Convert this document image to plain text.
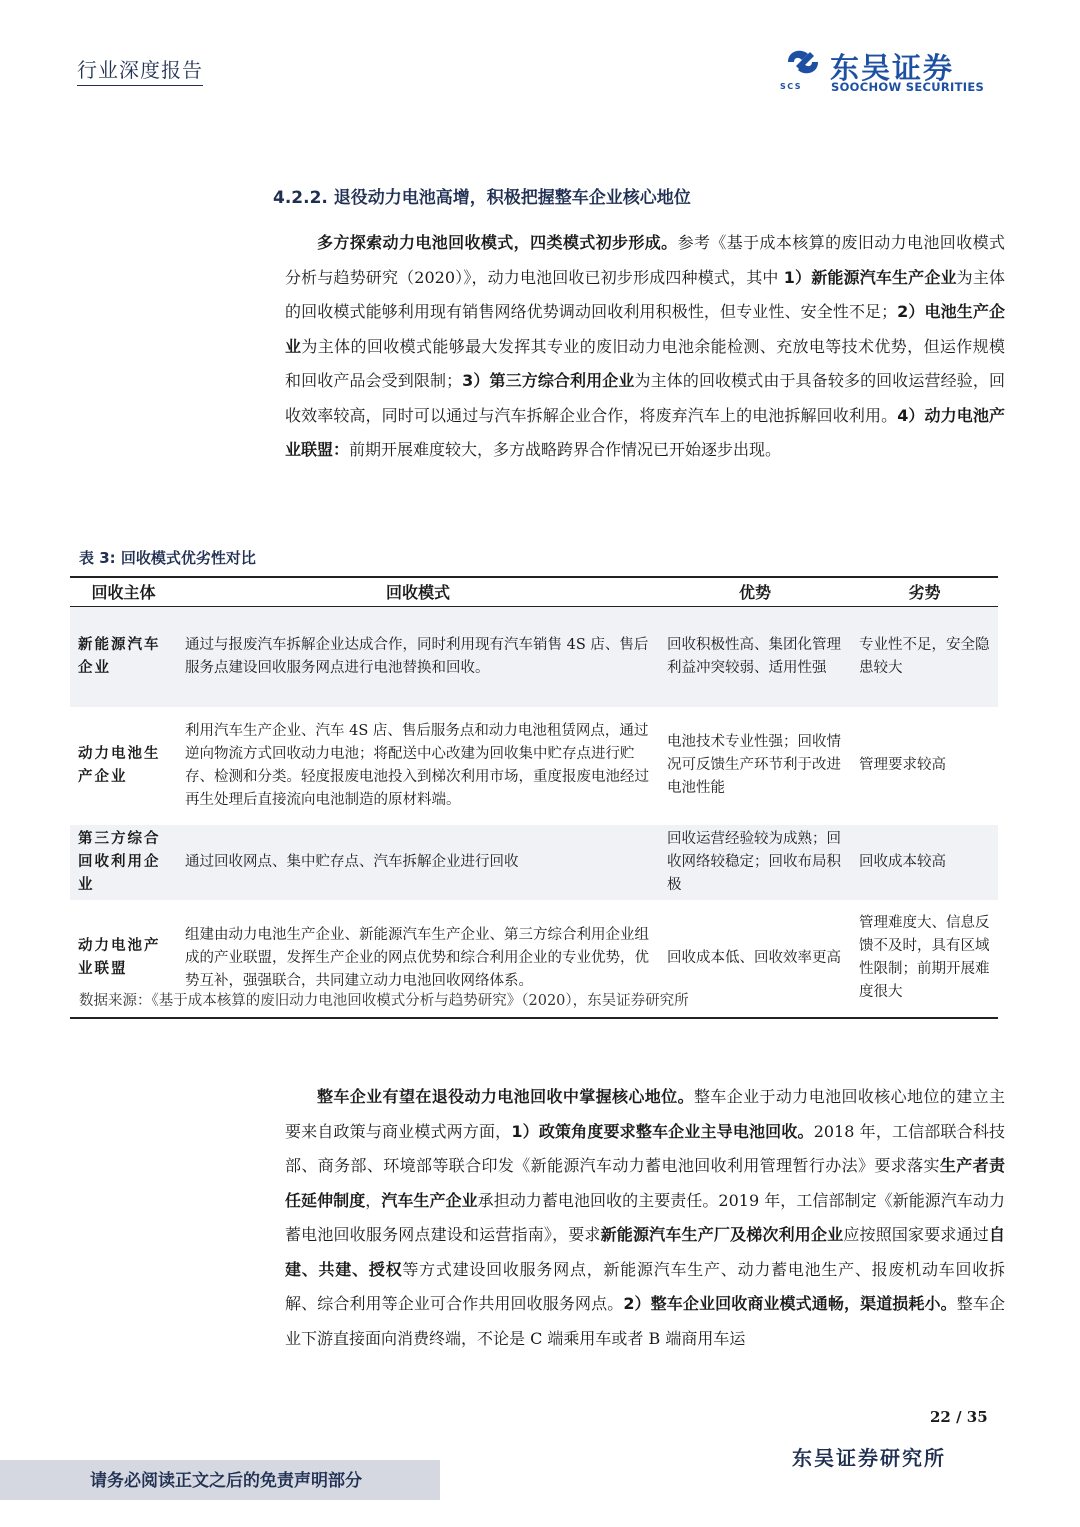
行业深度报告
SCS
东吴证券
SOOCHOW SECURITIES
4.2.2. 退役动力电池高增，积极把握整车企业核心地位

多方探索动力电池回收模式，四类模式初步形成。参考《基于成本核算的废旧动力电池回收模式分析与趋势研究（2020）》，动力电池回收已初步形成四种模式，其中 1）新能源汽车生产企业为主体的回收模式能够利用现有销售网络优势调动回收利用积极性，但专业性、安全性不足；2）电池生产企业为主体的回收模式能够最大发挥其专业的废旧动力电池余能检测、充放电等技术优势，但运作规模和回收产品会受到限制；3）第三方综合利用企业为主体的回收模式由于具备较多的回收运营经验，回收效率较高，同时可以通过与汽车拆解企业合作，将废弃汽车上的电池拆解回收利用。4）动力电池产业联盟：前期开展难度较大，多方战略跨界合作情况已开始逐步出现。

表 3: 回收模式优劣性对比
回收主体	回收模式	优势	劣势
新能源汽车企业	通过与报废汽车拆解企业达成合作，同时利用现有汽车销售 4S 店、售后服务点建设回收服务网点进行电池替换和回收。	回收积极性高、集团化管理利益冲突较弱、适用性强	专业性不足，安全隐患较大
动力电池生产企业	利用汽车生产企业、汽车 4S 店、售后服务点和动力电池租赁网点，通过逆向物流方式回收动力电池；将配送中心改建为回收集中贮存点进行贮存、检测和分类。轻度报废电池投入到梯次利用市场，重度报废电池经过再生处理后直接流向电池制造的原材料端。	电池技术专业性强；回收情况可反馈生产环节利于改进电池性能	管理要求较高
第三方综合回收利用企业	通过回收网点、集中贮存点、汽车拆解企业进行回收	回收运营经验较为成熟；回收网络较稳定；回收布局积极	回收成本较高
动力电池产业联盟	组建由动力电池生产企业、新能源汽车生产企业、第三方综合利用企业组成的产业联盟，发挥生产企业的网点优势和综合利用企业的专业优势，优势互补，强强联合，共同建立动力电池回收网络体系。	回收成本低、回收效率更高	管理难度大、信息反馈不及时，具有区域性限制；前期开展难度很大
数据来源：《基于成本核算的废旧动力电池回收模式分析与趋势研究》（2020），东吴证券研究所

整车企业有望在退役动力电池回收中掌握核心地位。整车企业于动力电池回收核心地位的建立主要来自政策与商业模式两方面，1）政策角度要求整车企业主导电池回收。2018 年，工信部联合科技部、商务部、环境部等联合印发《新能源汽车动力蓄电池回收利用管理暂行办法》要求落实生产者责任延伸制度，汽车生产企业承担动力蓄电池回收的主要责任。2019 年，工信部制定《新能源汽车动力蓄电池回收服务网点建设和运营指南》，要求新能源汽车生产厂及梯次利用企业应按照国家要求通过自建、共建、授权等方式建设回收服务网点，新能源汽车生产、动力蓄电池生产、报废机动车回收拆解、综合利用等企业可合作共用回收服务网点。2）整车企业回收商业模式通畅，渠道损耗小。整车企业下游直接面向消费终端，不论是 C 端乘用车或者 B 端商用车运

22 / 35
东吴证券研究所
请务必阅读正文之后的免责声明部分
